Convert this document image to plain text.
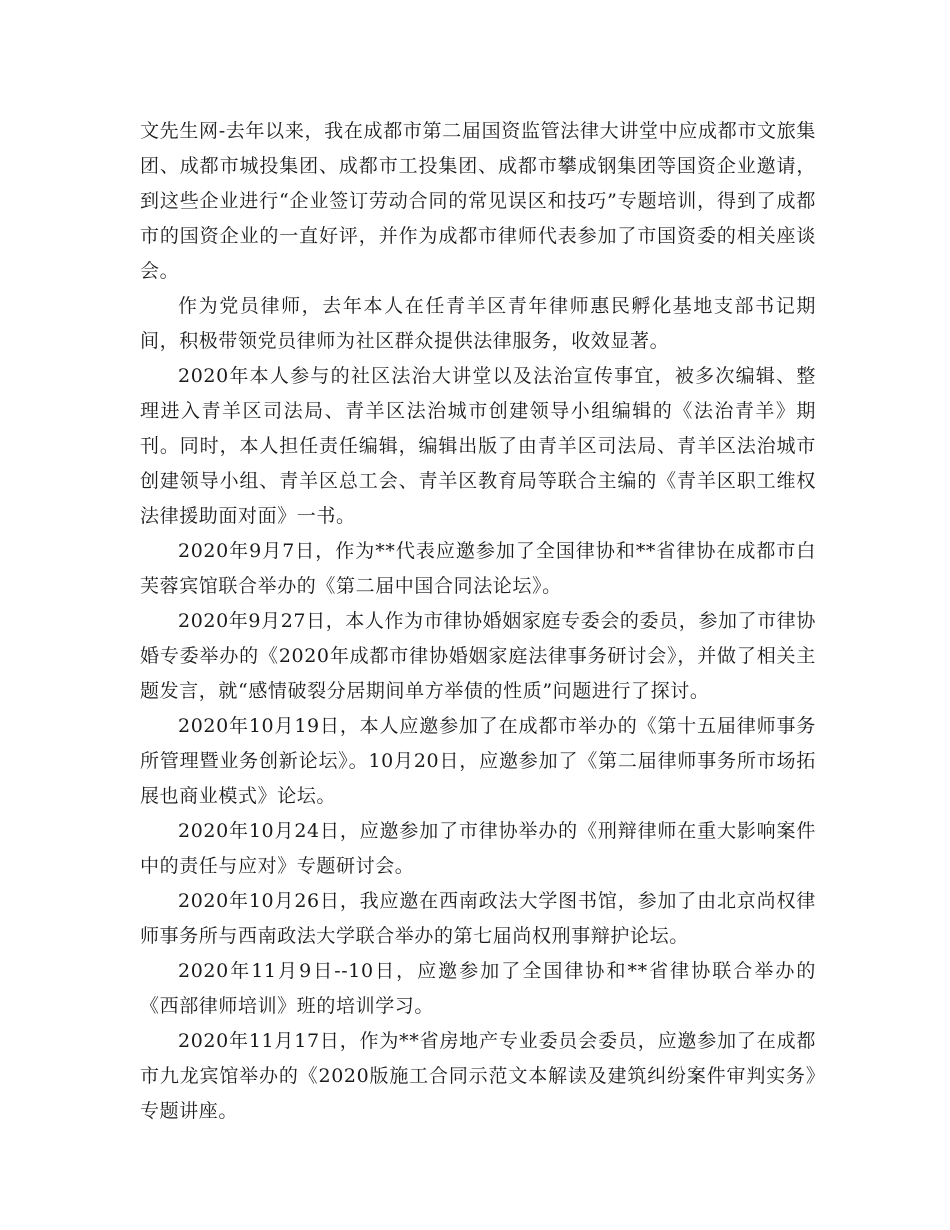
文先生网-去年以来，我在成都市第二届国资监管法律大讲堂中应成都市文旅集团、成都市城投集团、成都市工投集团、成都市攀成钢集团等国资企业邀请，到这些企业进行“企业签订劳动合同的常见误区和技巧”专题培训，得到了成都市的国资企业的一直好评，并作为成都市律师代表参加了市国资委的相关座谈会。

作为党员律师，去年本人在任青羊区青年律师惠民孵化基地支部书记期间，积极带领党员律师为社区群众提供法律服务，收效显著。

2020年本人参与的社区法治大讲堂以及法治宣传事宜，被多次编辑、整理进入青羊区司法局、青羊区法治城市创建领导小组编辑的《法治青羊》期刊。同时，本人担任责任编辑，编辑出版了由青羊区司法局、青羊区法治城市创建领导小组、青羊区总工会、青羊区教育局等联合主编的《青羊区职工维权法律援助面对面》一书。

2020年9月7日，作为**代表应邀参加了全国律协和**省律协在成都市白芙蓉宾馆联合举办的《第二届中国合同法论坛》。

2020年9月27日，本人作为市律协婚姻家庭专委会的委员，参加了市律协婚专委举办的《2020年成都市律协婚姻家庭法律事务研讨会》，并做了相关主题发言，就“感情破裂分居期间单方举债的性质”问题进行了探讨。

2020年10月19日，本人应邀参加了在成都市举办的《第十五届律师事务所管理暨业务创新论坛》。10月20日，应邀参加了《第二届律师事务所市场拓展也商业模式》论坛。

2020年10月24日，应邀参加了市律协举办的《刑辩律师在重大影响案件中的责任与应对》专题研讨会。

2020年10月26日，我应邀在西南政法大学图书馆，参加了由北京尚权律师事务所与西南政法大学联合举办的第七届尚权刑事辩护论坛。

2020年11月9日--10日，应邀参加了全国律协和**省律协联合举办的《西部律师培训》班的培训学习。

2020年11月17日，作为**省房地产专业委员会委员，应邀参加了在成都市九龙宾馆举办的《2020版施工合同示范文本解读及建筑纠纷案件审判实务》专题讲座。
